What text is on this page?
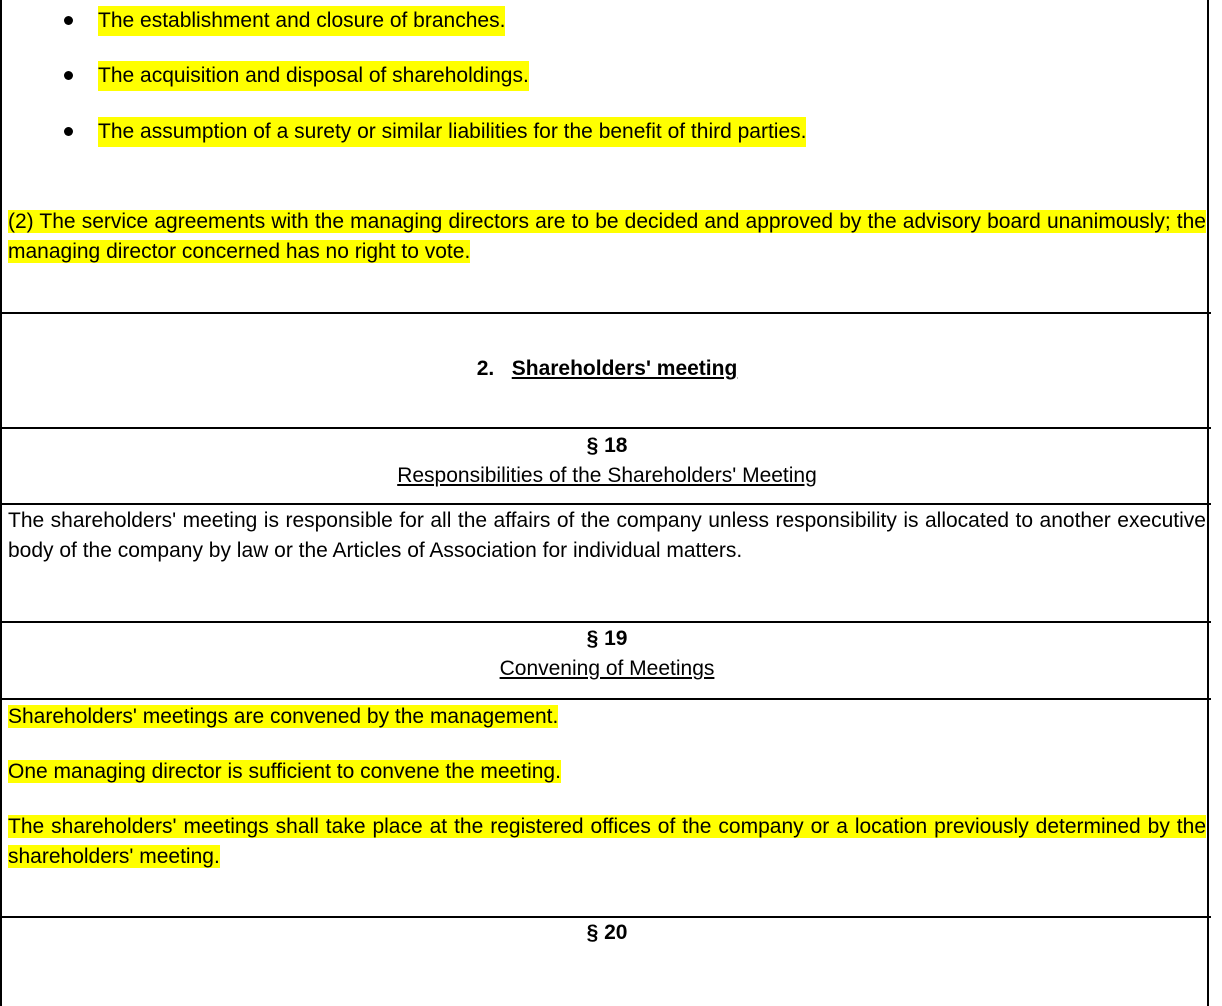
The establishment and closure of branches.
The acquisition and disposal of shareholdings.
The assumption of a surety or similar liabilities for the benefit of third parties.
(2) The service agreements with the managing directors are to be decided and approved by the advisory board unanimously; the managing director concerned has no right to vote.
2. Shareholders' meeting
§ 18
Responsibilities of the Shareholders' Meeting
The shareholders' meeting is responsible for all the affairs of the company unless responsibility is allocated to another executive body of the company by law or the Articles of Association for individual matters.
§ 19
Convening of Meetings
Shareholders' meetings are convened by the management.
One managing director is sufficient to convene the meeting.
The shareholders' meetings shall take place at the registered offices of the company or a location previously determined by the shareholders' meeting.
§ 20
